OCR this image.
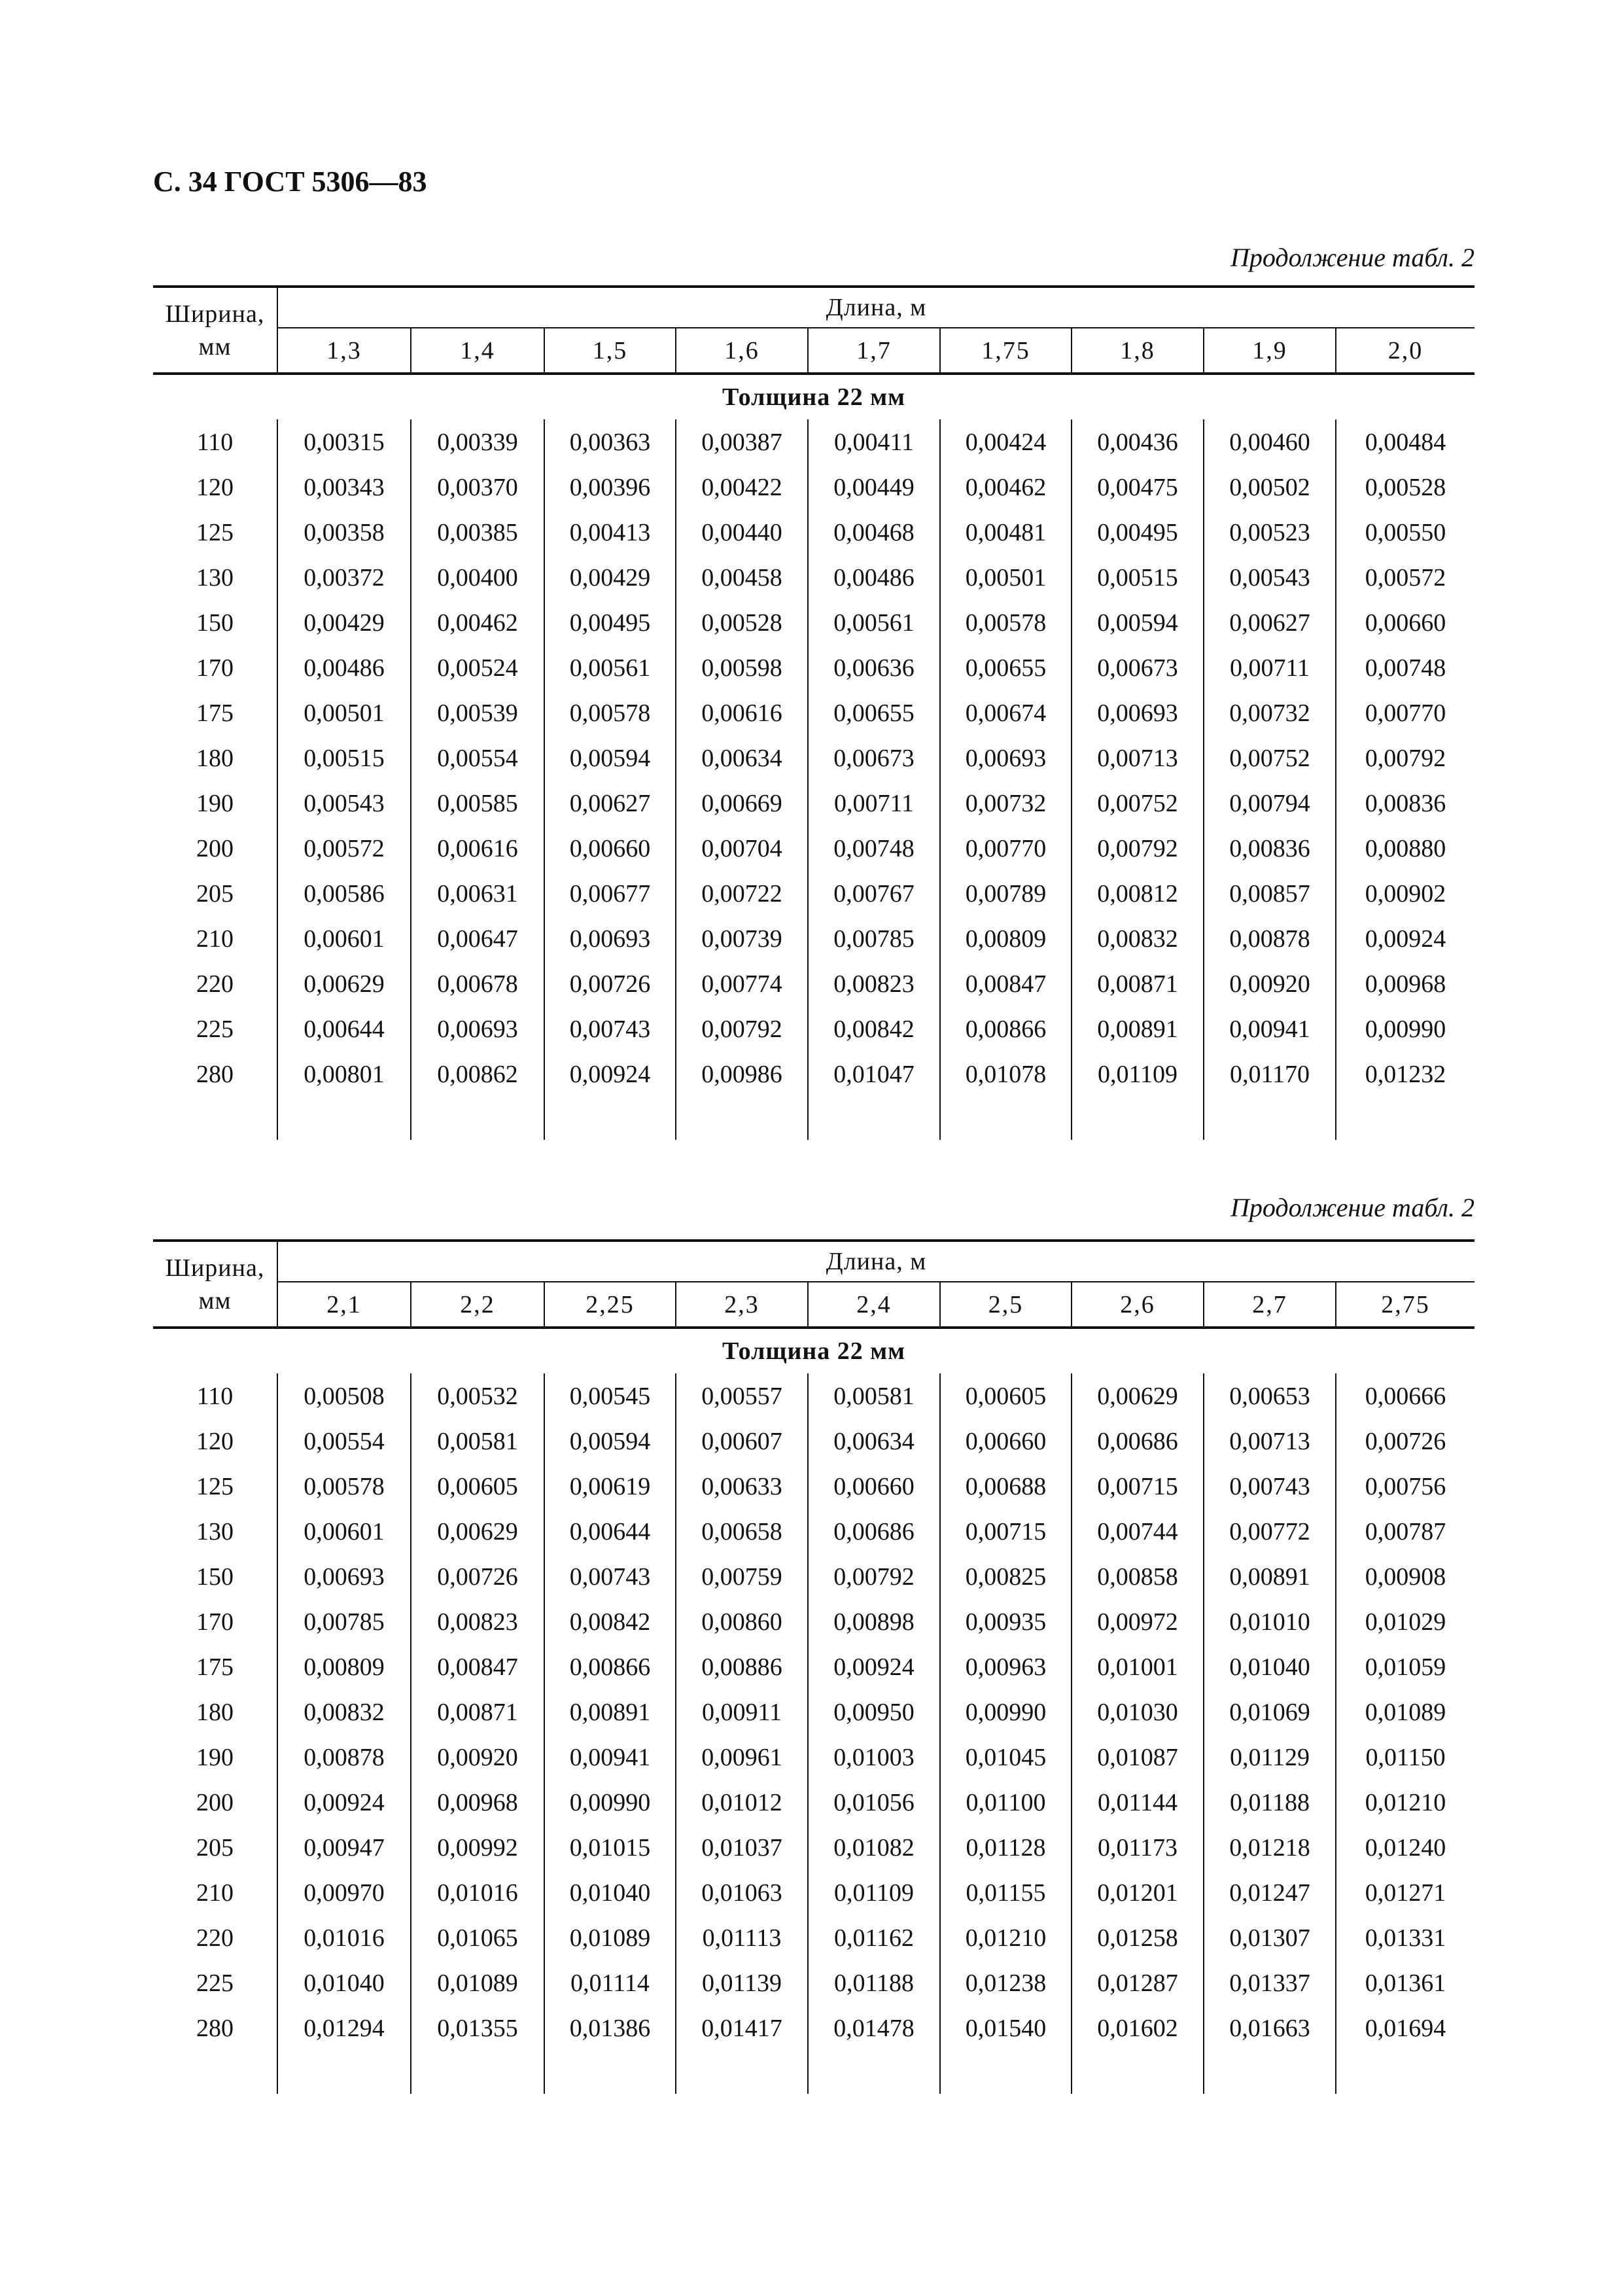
С. 34 ГОСТ 5306—83
Продолжение табл. 2
Ширина,
мм	Длина, м								
	1,3	1,4	1,5	1,6	1,7	1,75	1,8	1,9	2,0
Толщина 22 мм									
110	0,00315	0,00339	0,00363	0,00387	0,00411	0,00424	0,00436	0,00460	0,00484
120	0,00343	0,00370	0,00396	0,00422	0,00449	0,00462	0,00475	0,00502	0,00528
125	0,00358	0,00385	0,00413	0,00440	0,00468	0,00481	0,00495	0,00523	0,00550
130	0,00372	0,00400	0,00429	0,00458	0,00486	0,00501	0,00515	0,00543	0,00572
150	0,00429	0,00462	0,00495	0,00528	0,00561	0,00578	0,00594	0,00627	0,00660
170	0,00486	0,00524	0,00561	0,00598	0,00636	0,00655	0,00673	0,00711	0,00748
175	0,00501	0,00539	0,00578	0,00616	0,00655	0,00674	0,00693	0,00732	0,00770
180	0,00515	0,00554	0,00594	0,00634	0,00673	0,00693	0,00713	0,00752	0,00792
190	0,00543	0,00585	0,00627	0,00669	0,00711	0,00732	0,00752	0,00794	0,00836
200	0,00572	0,00616	0,00660	0,00704	0,00748	0,00770	0,00792	0,00836	0,00880
205	0,00586	0,00631	0,00677	0,00722	0,00767	0,00789	0,00812	0,00857	0,00902
210	0,00601	0,00647	0,00693	0,00739	0,00785	0,00809	0,00832	0,00878	0,00924
220	0,00629	0,00678	0,00726	0,00774	0,00823	0,00847	0,00871	0,00920	0,00968
225	0,00644	0,00693	0,00743	0,00792	0,00842	0,00866	0,00891	0,00941	0,00990
280	0,00801	0,00862	0,00924	0,00986	0,01047	0,01078	0,01109	0,01170	0,01232

Продолжение табл. 2
Ширина,
мм	Длина, м								
	2,1	2,2	2,25	2,3	2,4	2,5	2,6	2,7	2,75
Толщина 22 мм									
110	0,00508	0,00532	0,00545	0,00557	0,00581	0,00605	0,00629	0,00653	0,00666
120	0,00554	0,00581	0,00594	0,00607	0,00634	0,00660	0,00686	0,00713	0,00726
125	0,00578	0,00605	0,00619	0,00633	0,00660	0,00688	0,00715	0,00743	0,00756
130	0,00601	0,00629	0,00644	0,00658	0,00686	0,00715	0,00744	0,00772	0,00787
150	0,00693	0,00726	0,00743	0,00759	0,00792	0,00825	0,00858	0,00891	0,00908
170	0,00785	0,00823	0,00842	0,00860	0,00898	0,00935	0,00972	0,01010	0,01029
175	0,00809	0,00847	0,00866	0,00886	0,00924	0,00963	0,01001	0,01040	0,01059
180	0,00832	0,00871	0,00891	0,00911	0,00950	0,00990	0,01030	0,01069	0,01089
190	0,00878	0,00920	0,00941	0,00961	0,01003	0,01045	0,01087	0,01129	0,01150
200	0,00924	0,00968	0,00990	0,01012	0,01056	0,01100	0,01144	0,01188	0,01210
205	0,00947	0,00992	0,01015	0,01037	0,01082	0,01128	0,01173	0,01218	0,01240
210	0,00970	0,01016	0,01040	0,01063	0,01109	0,01155	0,01201	0,01247	0,01271
220	0,01016	0,01065	0,01089	0,01113	0,01162	0,01210	0,01258	0,01307	0,01331
225	0,01040	0,01089	0,01114	0,01139	0,01188	0,01238	0,01287	0,01337	0,01361
280	0,01294	0,01355	0,01386	0,01417	0,01478	0,01540	0,01602	0,01663	0,01694
